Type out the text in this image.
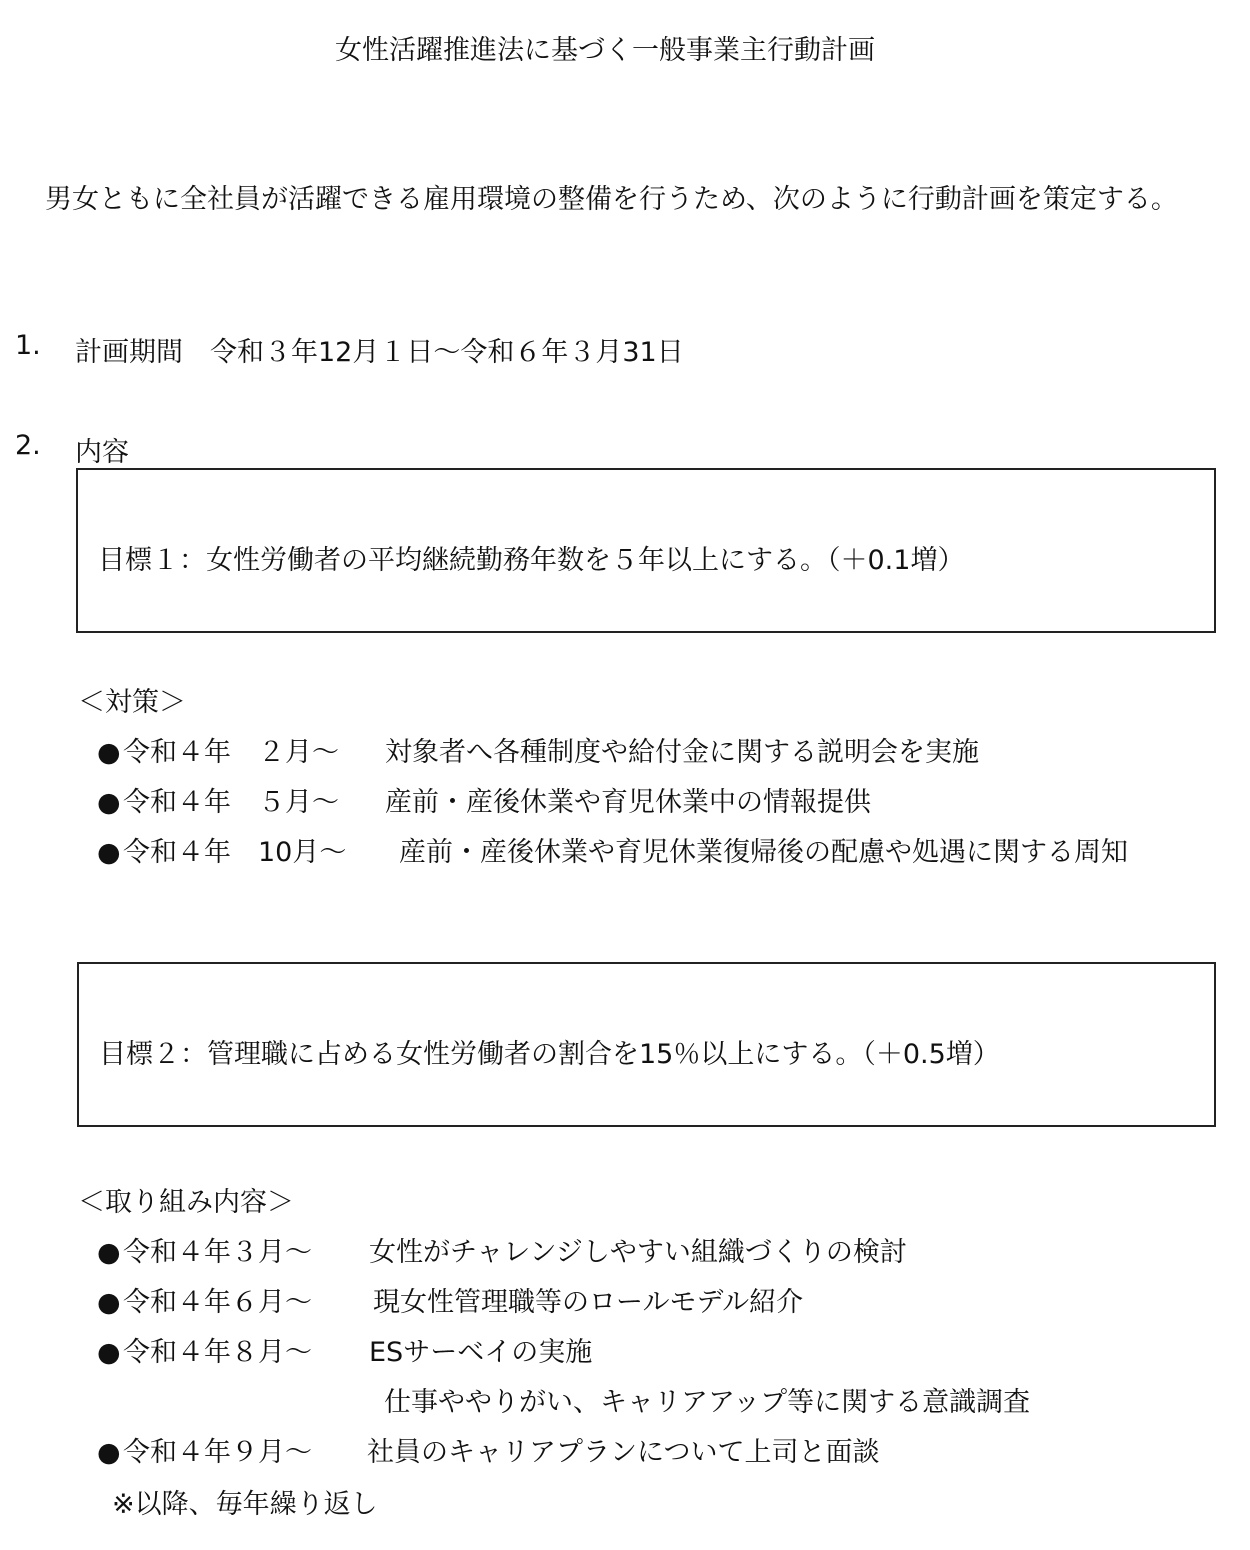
女性活躍推進法に基づく一般事業主行動計画
男女ともに全社員が活躍できる雇用環境の整備を行うため、次のように行動計画を策定する。
1. 計画期間 令和３年12月１日～令和６年３月31日
2. 内容
目標１：女性労働者の平均継続勤務年数を５年以上にする。（＋0.1増）
＜対策＞
●令和４年　２月～ 対象者へ各種制度や給付金に関する説明会を実施
●令和４年　５月～ 産前・産後休業や育児休業中の情報提供
●令和４年　10月～ 産前・産後休業や育児休業復帰後の配慮や処遇に関する周知
目標２：管理職に占める女性労働者の割合を15％以上にする。（＋0.5増）
＜取り組み内容＞
●令和４年３月～ 女性がチャレンジしやすい組織づくりの検討
●令和４年６月～ 現女性管理職等のロールモデル紹介
●令和４年８月～ ESサーベイの実施
仕事ややりがい、キャリアアップ等に関する意識調査
●令和４年９月～ 社員のキャリアプランについて上司と面談
※以降、毎年繰り返し
